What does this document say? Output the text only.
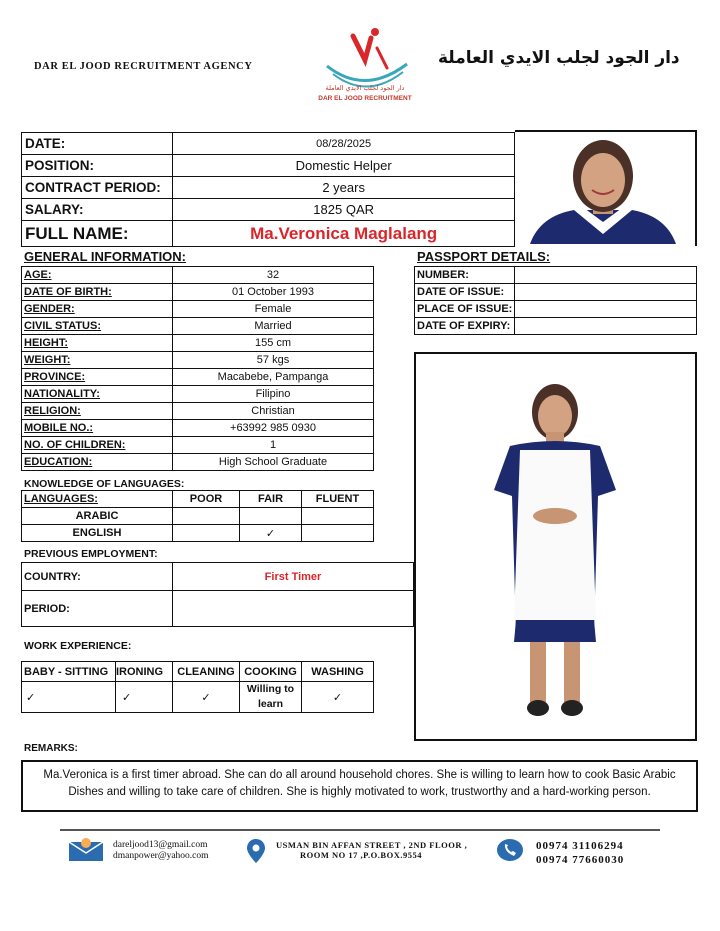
DAR EL JOOD RECRUITMENT AGENCY
دار الجود لجلب الايدي العاملة
DAR EL JOOD RECRUITMENT
دار الجود لجلب الايدي العاملة
DATE:	08/28/2025
POSITION:	Domestic Helper
CONTRACT PERIOD:	2 years
SALARY:	1825 QAR
FULL NAME:	Ma.Veronica Maglalang
GENERAL INFORMATION:
AGE:	32
DATE OF BIRTH:	01 October 1993
GENDER:	Female
CIVIL STATUS:	Married
HEIGHT:	155 cm
WEIGHT:	57 kgs
PROVINCE:	Macabebe, Pampanga
NATIONALITY:	Filipino
RELIGION:	Christian
MOBILE NO.:	+63992 985 0930
NO. OF CHILDREN:	1
EDUCATION:	High School Graduate
PASSPORT DETAILS:
NUMBER:	
DATE OF ISSUE:	
PLACE OF ISSUE:	
DATE OF EXPIRY:	
KNOWLEDGE OF LANGUAGES:
LANGUAGES:	POOR	FAIR	FLUENT
ARABIC			
ENGLISH		✓	
PREVIOUS EMPLOYMENT:
COUNTRY:	First Timer
PERIOD:	
WORK EXPERIENCE:
BABY - SITTING	IRONING	CLEANING	COOKING	WASHING
✓	✓	✓	Willing to learn	✓
REMARKS:
Ma.Veronica is a first timer abroad. She can do all around household chores. She is willing to learn how to cook Basic Arabic Dishes and willing to take care of children. She is highly motivated to work, trustworthy and a hard-working person.
dareljood13@gmail.com
dmanpower@yahoo.com
USMAN BIN AFFAN STREET , 2ND FLOOR ,
ROOM NO 17 ,P.O.BOX.9554
00974 31106294
00974 77660030
